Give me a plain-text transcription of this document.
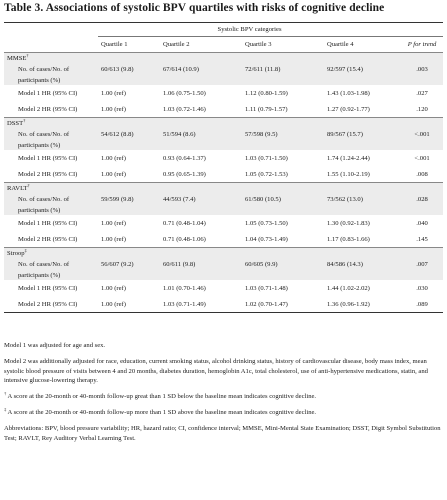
Table 3. Associations of systolic BPV quartiles with risks of cognitive decline
	Systolic BPV categories				
	Quartile 1	Quartile 2	Quartile 3	Quartile 4	P for trend
MMSE†					
No. of cases/No. of	60/613 (9.8)	67/614 (10.9)	72/611 (11.8)	92/597 (15.4)	.003
participants (%)					
Model 1 HR (95% CI)	1.00 (ref)	1.06 (0.75-1.50)	1.12 (0.80-1.59)	1.43 (1.03-1.98)	.027
Model 2 HR (95% CI)	1.00 (ref)	1.03 (0.72-1.46)	1.11 (0.79-1.57)	1.27 (0.92-1.77)	.120
DSST†					
No. of cases/No. of	54/612 (8.8)	51/594 (8.6)	57/598 (9.5)	89/567 (15.7)	<.001
participants (%)					
Model 1 HR (95% CI)	1.00 (ref)	0.93 (0.64-1.37)	1.03 (0.71-1.50)	1.74 (1.24-2.44)	<.001
Model 2 HR (95% CI)	1.00 (ref)	0.95 (0.65-1.39)	1.05 (0.72-1.53)	1.55 (1.10-2.19)	.008
RAVLT†					
No. of cases/No. of	59/599 (9.8)	44/593 (7.4)	61/580 (10.5)	73/562 (13.0)	.028
participants (%)					
Model 1 HR (95% CI)	1.00 (ref)	0.71 (0.48-1.04)	1.05 (0.73-1.50)	1.30 (0.92-1.83)	.040
Model 2 HR (95% CI)	1.00 (ref)	0.71 (0.48-1.06)	1.04 (0.73-1.49)	1.17 (0.83-1.66)	.145
Stroop‡					
No. of cases/No. of	56/607 (9.2)	60/611 (9.8)	60/605 (9.9)	84/586 (14.3)	.007
participants (%)					
Model 1 HR (95% CI)	1.00 (ref)	1.01 (0.70-1.46)	1.03 (0.71-1.48)	1.44 (1.02-2.02)	.030
Model 2 HR (95% CI)	1.00 (ref)	1.03 (0.71-1.49)	1.02 (0.70-1.47)	1.36 (0.96-1.92)	.089

Model 1 was adjusted for age and sex.

Model 2 was additionally adjusted for race, education, current smoking status, alcohol drinking status, history of cardiovascular disease, body mass index, mean systolic blood pressure of visits between 4 and 20 months, diabetes duration, hemoglobin A1c, total cholesterol, use of anti-hypertensive medications, statin, and intensive glucose-lowering therapy.

† A score at the 20-month or 40-month follow-up great than 1 SD below the baseline mean indicates cognitive decline.

‡ A score at the 20-month or 40-month follow-up more than 1 SD above the baseline mean indicates cognitive decline.

Abbreviations: BPV, blood pressure variability; HR, hazard ratio; CI, confidence interval; MMSE, Mini-Mental State Examination; DSST, Digit Symbol Substitution Test; RAVLT, Rey Auditory Verbal Learning Test.
